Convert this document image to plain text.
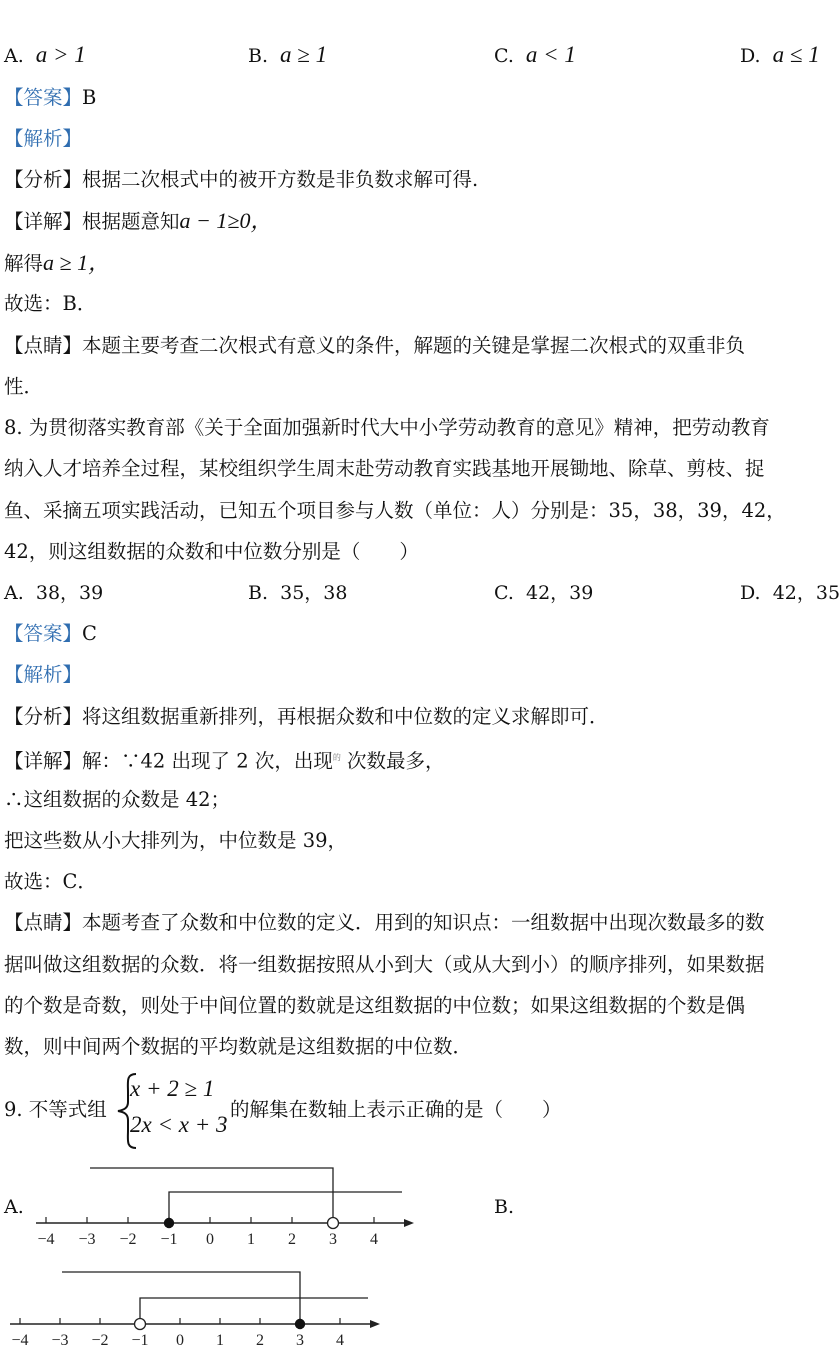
A. a > 1	B. a ≥ 1	C. a < 1	D. a ≤ 1
【答案】B
【解析】
【分析】根据二次根式中的被开方数是非负数求解可得.
【详解】根据题意知a − 1≥0，
解得a ≥ 1，
故选：B．
【点睛】本题主要考查二次根式有意义的条件，解题的关键是掌握二次根式的双重非负
性．
8. 为贯彻落实教育部《关于全面加强新时代大中小学劳动教育的意见》精神，把劳动教育
纳入人才培养全过程，某校组织学生周末赴劳动教育实践基地开展锄地、除草、剪枝、捉
鱼、采摘五项实践活动，已知五个项目参与人数（单位：人）分别是：35，38，39，42，
42，则这组数据的众数和中位数分别是（　　）
A. 38，39	B. 35，38	C. 42，39	D. 42，35
【答案】C
【解析】
【分析】将这组数据重新排列，再根据众数和中位数的定义求解即可．
【详解】解：∵42 出现了 2 次，出现$^的$ 次数最多，
∴这组数据的众数是 42；
把这些数从小大排列为，中位数是 39，
故选：C．
【点睛】本题考查了众数和中位数的定义．用到的知识点：一组数据中出现次数最多的数
据叫做这组数据的众数．将一组数据按照从小到大（或从大到小）的顺序排列，如果数据
的个数是奇数，则处于中间位置的数就是这组数据的中位数；如果这组数据的个数是偶
数，则中间两个数据的平均数就是这组数据的中位数．
9. 不等式组
x + 2 ≥ 1
2x < x + 3
的解集在数轴上表示正确的是（　　）
A.	B.
−4 −3 −2 −1 0 1 2 3 4
−4 −3 −2 −1 0 1 2 3 4
